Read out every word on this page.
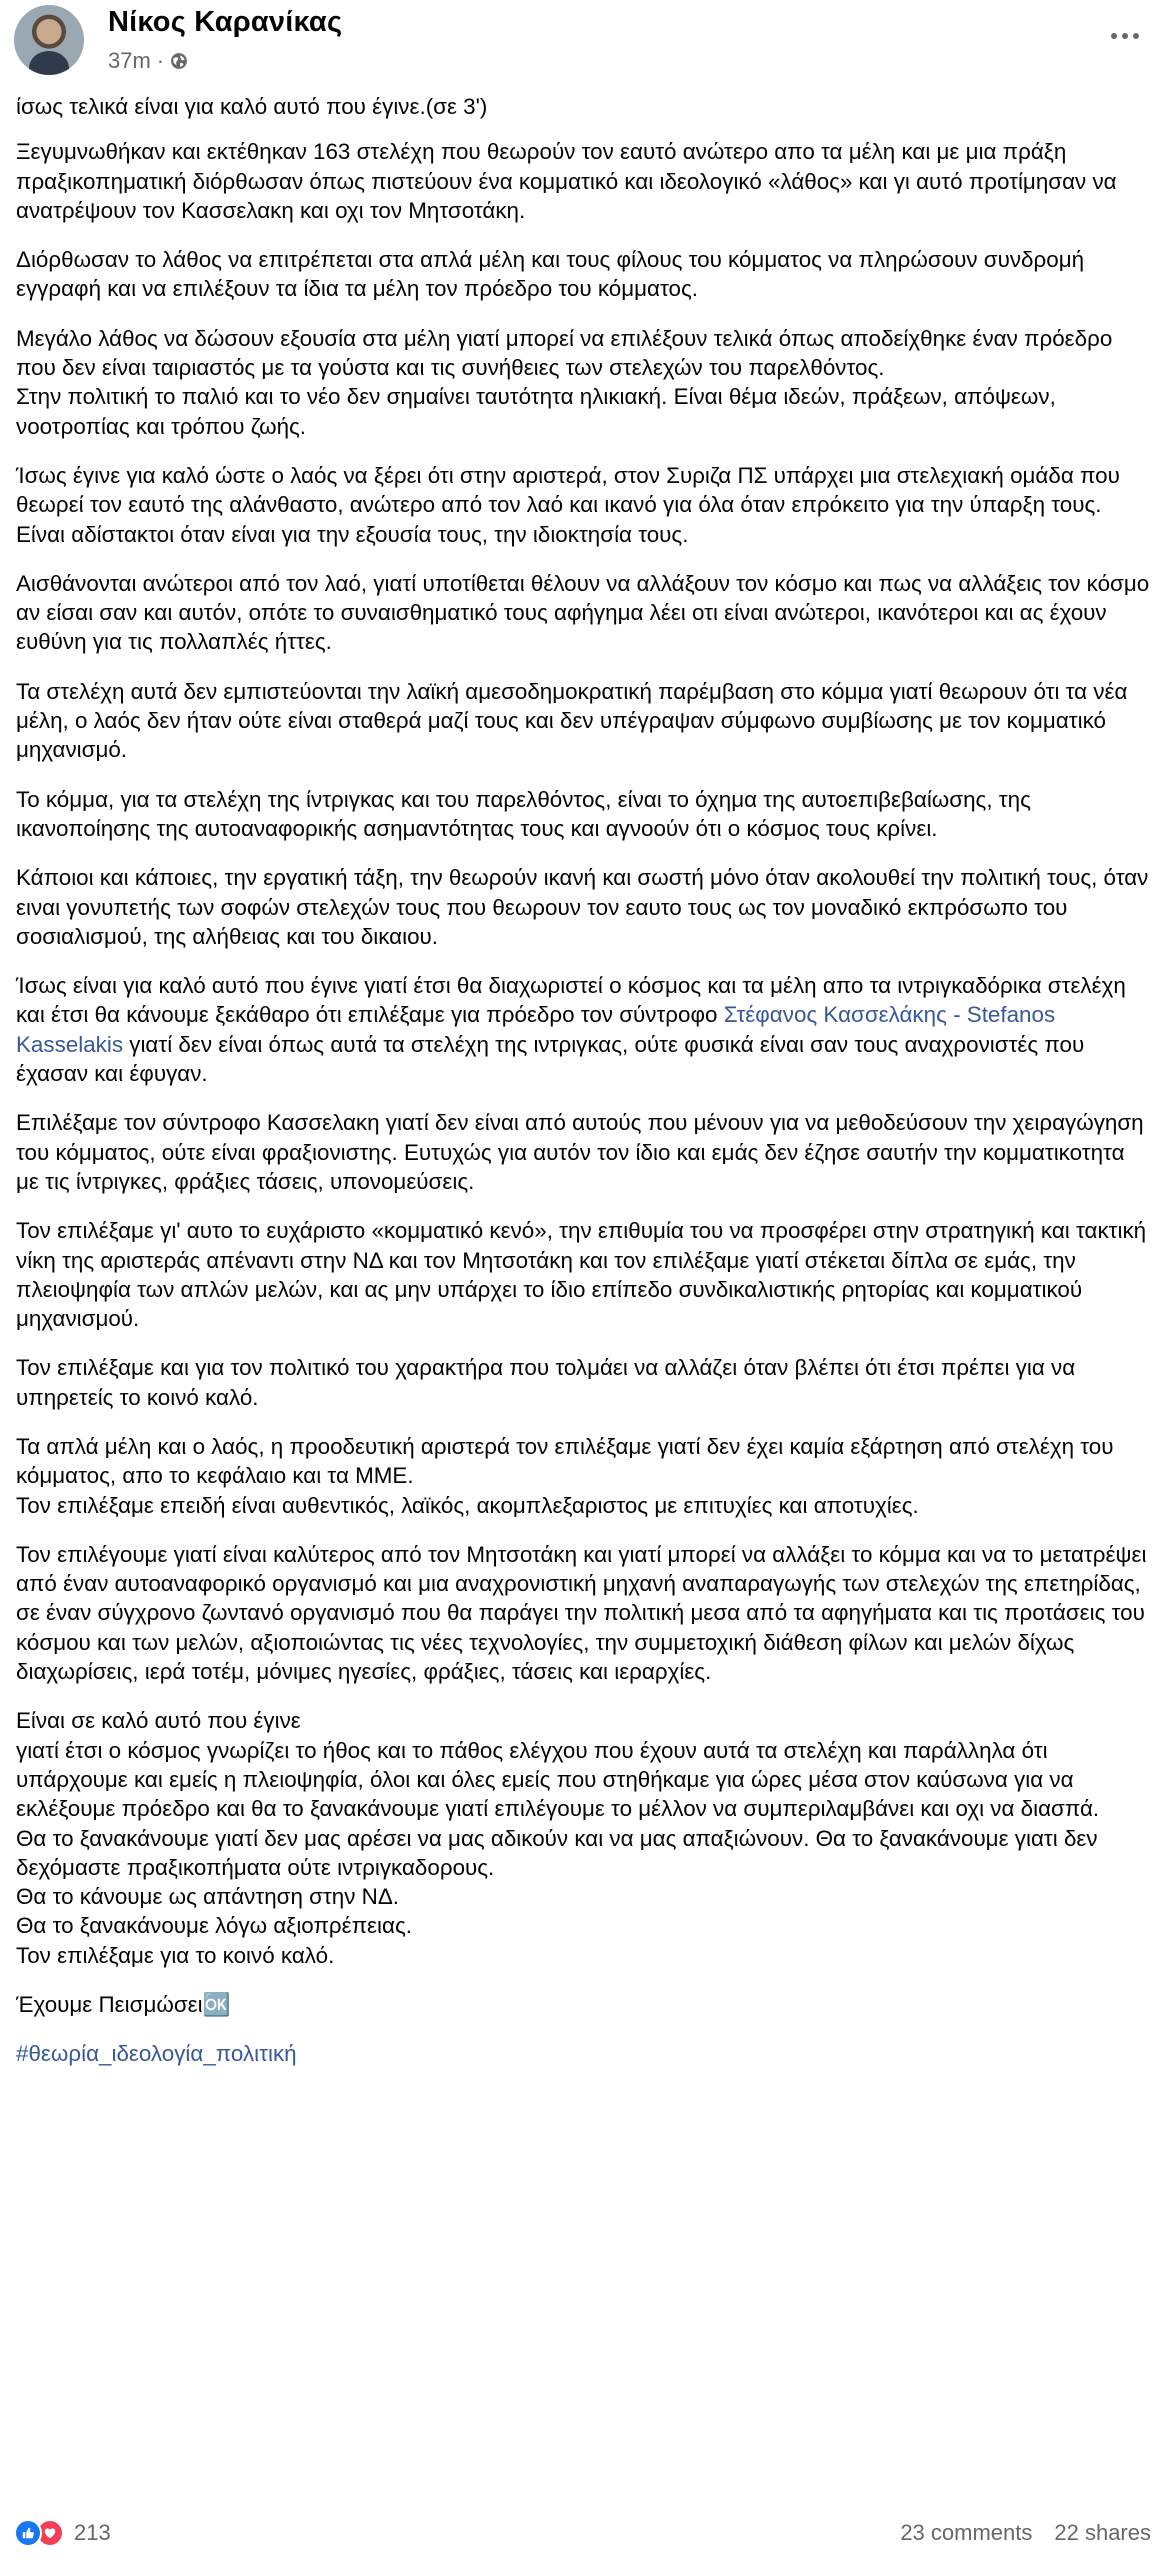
Νίκος Καρανίκας
37m ·

ίσως τελικά είναι για καλό αυτό που έγινε.(σε 3')

Ξεγυμνωθήκαν και εκτέθηκαν 163 στελέχη που θεωρούν τον εαυτό ανώτερο απο τα μέλη και με μια πράξη πραξικοπηματική διόρθωσαν όπως πιστεύουν ένα κομματικό και ιδεολογικό «λάθος» και γι αυτό προτίμησαν να ανατρέψουν τον Κασσελακη και οχι τον Μητσοτάκη.

Διόρθωσαν το λάθος να επιτρέπεται στα απλά μέλη και τους φίλους του κόμματος να πληρώσουν συνδρομή εγγραφή και να επιλέξουν τα ίδια τα μέλη τον πρόεδρο του κόμματος.

Μεγάλο λάθος να δώσουν εξουσία στα μέλη γιατί μπορεί να επιλέξουν τελικά όπως αποδείχθηκε έναν πρόεδρο που δεν είναι ταιριαστός με τα γούστα και τις συνήθειες των στελεχών του παρελθόντος.
Στην πολιτική το παλιό και το νέο δεν σημαίνει ταυτότητα ηλικιακή. Είναι θέμα ιδεών, πράξεων, απόψεων, νοοτροπίας και τρόπου ζωής.

Ίσως έγινε για καλό ώστε ο λαός να ξέρει ότι στην αριστερά, στον Συριζα ΠΣ υπάρχει μια στελεχιακή ομάδα που θεωρεί τον εαυτό της αλάνθαστο, ανώτερο από τον λαό και ικανό για όλα όταν επρόκειτο για την ύπαρξη τους. Είναι αδίστακτοι όταν είναι για την εξουσία τους, την ιδιοκτησία τους.

Αισθάνονται ανώτεροι από τον λαό, γιατί υποτίθεται θέλουν να αλλάξουν τον κόσμο και πως να αλλάξεις τον κόσμο αν είσαι σαν και αυτόν, οπότε το συναισθηματικό τους αφήγημα λέει οτι είναι ανώτεροι, ικανότεροι και ας έχουν ευθύνη για τις πολλαπλές ήττες.

Τα στελέχη αυτά δεν εμπιστεύονται την λαϊκή αμεσοδημοκρατική παρέμβαση στο κόμμα γιατί θεωρουν ότι τα νέα μέλη, ο λαός δεν ήταν ούτε είναι σταθερά μαζί τους και δεν υπέγραψαν σύμφωνο συμβίωσης με τον κομματικό μηχανισμό.

Το κόμμα, για τα στελέχη της ίντριγκας και του παρελθόντος, είναι το όχημα της αυτοεπιβεβαίωσης, της ικανοποίησης της αυτοαναφορικής ασημαντότητας τους και αγνοούν ότι ο κόσμος τους κρίνει.

Κάποιοι και κάποιες, την εργατική τάξη, την θεωρούν ικανή και σωστή μόνο όταν ακολουθεί την πολιτική τους, όταν ειναι γονυπετής των σοφών στελεχών τους που θεωρουν τον εαυτο τους ως τον μοναδικό εκπρόσωπο του σοσιαλισμού, της αλήθειας και του δικαιου.

Ίσως είναι για καλό αυτό που έγινε γιατί έτσι θα διαχωριστεί ο κόσμος και τα μέλη απο τα ιντριγκαδόρικα στελέχη και έτσι θα κάνουμε ξεκάθαρο ότι επιλέξαμε για πρόεδρο τον σύντροφο Στέφανος Κασσελάκης - Stefanos Kasselakis γιατί δεν είναι όπως αυτά τα στελέχη της ιντριγκας, ούτε φυσικά είναι σαν τους αναχρονιστές που έχασαν και έφυγαν.

Επιλέξαμε τον σύντροφο Κασσελακη γιατί δεν είναι από αυτούς που μένουν για να μεθοδεύσουν την χειραγώγηση του κόμματος, ούτε είναι φραξιονιστης. Ευτυχώς για αυτόν τον ίδιο και εμάς δεν έζησε σαυτήν την κομματικοτητα με τις ίντριγκες, φράξιες τάσεις, υπονομεύσεις.

Τον επιλέξαμε γι' αυτο το ευχάριστο «κομματικό κενό», την επιθυμία του να προσφέρει στην στρατηγική και τακτική νίκη της αριστεράς απέναντι στην ΝΔ και τον Μητσοτάκη και τον επιλέξαμε γιατί στέκεται δίπλα σε εμάς, την πλειοψηφία των απλών μελών, και ας μην υπάρχει το ίδιο επίπεδο συνδικαλιστικής ρητορίας και κομματικού μηχανισμού.

Τον επιλέξαμε και για τον πολιτικό του χαρακτήρα που τολμάει να αλλάζει όταν βλέπει ότι έτσι πρέπει για να υπηρετείς το κοινό καλό.

Τα απλά μέλη και ο λαός, η προοδευτική αριστερά τον επιλέξαμε γιατί δεν έχει καμία εξάρτηση από στελέχη του κόμματος, απο το κεφάλαιο και τα ΜΜΕ.
Τον επιλέξαμε επειδή είναι αυθεντικός, λαϊκός, ακομπλεξαριστος με επιτυχίες και αποτυχίες.

Τον επιλέγουμε γιατί είναι καλύτερος από τον Μητσοτάκη και γιατί μπορεί να αλλάξει το κόμμα και να το μετατρέψει από έναν αυτοαναφορικό οργανισμό και μια αναχρονιστική μηχανή αναπαραγωγής των στελεχών της επετηρίδας, σε έναν σύγχρονο ζωντανό οργανισμό που θα παράγει την πολιτική μεσα από τα αφηγήματα και τις προτάσεις του κόσμου και των μελών, αξιοποιώντας τις νέες τεχνολογίες, την συμμετοχική διάθεση φίλων και μελών δίχως διαχωρίσεις, ιερά τοτέμ, μόνιμες ηγεσίες, φράξιες, τάσεις και ιεραρχίες.

Είναι σε καλό αυτό που έγινε
γιατί έτσι ο κόσμος γνωρίζει το ήθος και το πάθος ελέγχου που έχουν αυτά τα στελέχη και παράλληλα ότι υπάρχουμε και εμείς η πλειοψηφία, όλοι και όλες εμείς που στηθήκαμε για ώρες μέσα στον καύσωνα για να εκλέξουμε πρόεδρο και θα το ξανακάνουμε γιατί επιλέγουμε το μέλλον να συμπεριλαμβάνει και οχι να διασπά.
Θα το ξανακάνουμε γιατί δεν μας αρέσει να μας αδικούν και να μας απαξιώνουν. Θα το ξανακάνουμε γιατι δεν δεχόμαστε πραξικοπήματα ούτε ιντριγκαδορους.
Θα το κάνουμε ως απάντηση στην ΝΔ.
Θα το ξανακάνουμε λόγω αξιοπρέπειας.
Τον επιλέξαμε για το κοινό καλό.

Έχουμε Πεισμώσει🆗

#θεωρία_ιδεολογία_πολιτική
213	23 comments 22 shares
